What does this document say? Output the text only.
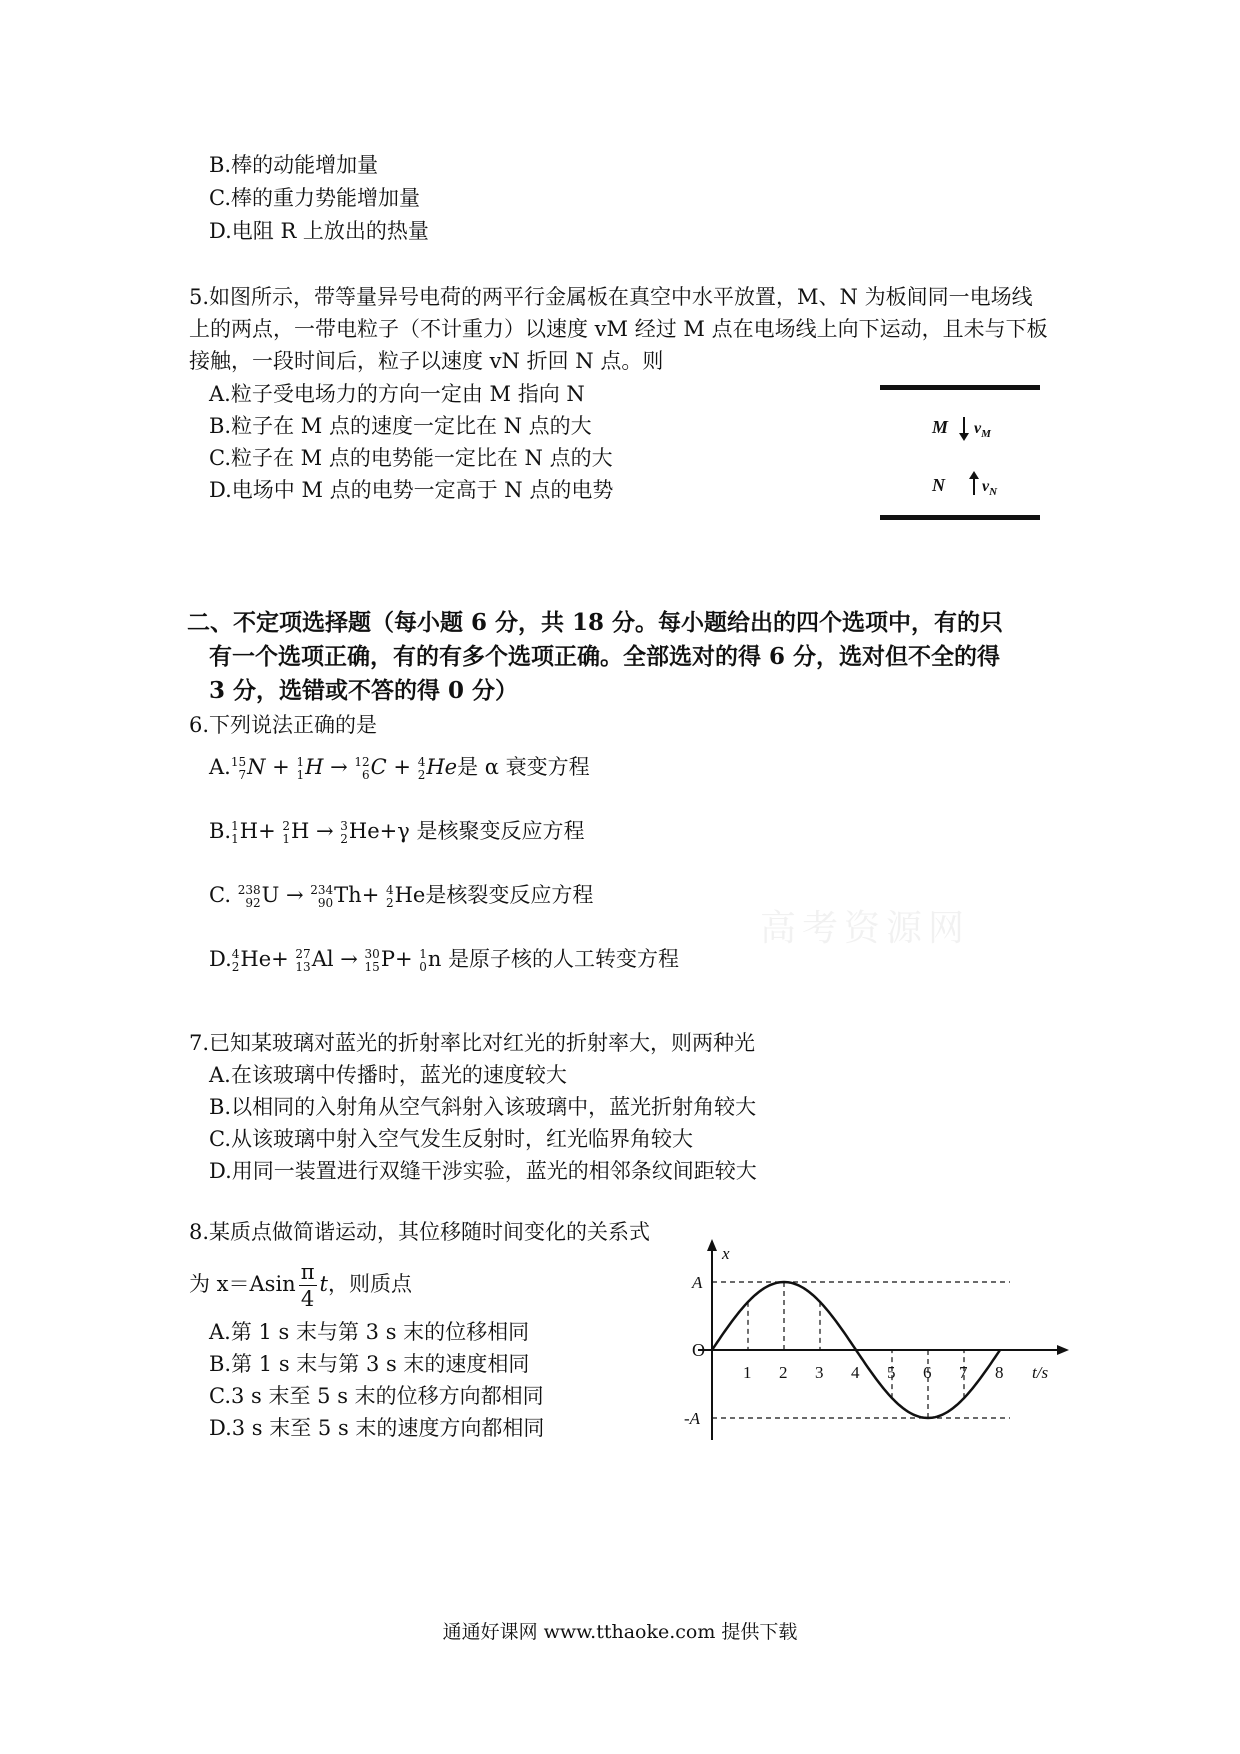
B.棒的动能增加量
C.棒的重力势能增加量
D.电阻 R 上放出的热量
5.如图所示，带等量异号电荷的两平行金属板在真空中水平放置，M、N 为板间同一电场线
上的两点，一带电粒子（不计重力）以速度 vM 经过 M 点在电场线上向下运动，且未与下板
接触，一段时间后，粒子以速度 vN 折回 N 点。则
A.粒子受电场力的方向一定由 M 指向 N
B.粒子在 M 点的速度一定比在 N 点的大
C.粒子在 M 点的电势能一定比在 N 点的大
D.电场中 M 点的电势一定高于 N 点的电势
M $v_M$
N $v_N$
二、不定项选择题（每小题 6 分，共 18 分。每小题给出的四个选项中，有的只
有一个选项正确，有的有多个选项正确。全部选对的得 6 分，选对但不全的得
3 分，选错或不答的得 0 分）
6.下列说法正确的是
A. 15
7 N + 1
1 H → 12
6 C + 4
2 He是 α 衰变方程
B. 1
1 H+ 2
1 H → 3
2 He+γ 是核聚变反应方程
C. 238
92 U → 234
90 Th+ 4
2 He是核裂变反应方程
D. 4
2 He+ 27
13 Al → 30
15 P+ 1
0 n 是原子核的人工转变方程
高考资源网
7.已知某玻璃对蓝光的折射率比对红光的折射率大，则两种光
A.在该玻璃中传播时，蓝光的速度较大
B.以相同的入射角从空气斜射入该玻璃中，蓝光折射角较大
C.从该玻璃中射入空气发生反射时，红光临界角较大
D.用同一装置进行双缝干涉实验，蓝光的相邻条纹间距较大
8.某质点做简谐运动，其位移随时间变化的关系式
为 $x=Asin \frac{\pi}{4}$ t，则质点
A.第 1 s 末与第 3 s 末的位移相同
B.第 1 s 末与第 3 s 末的速度相同
C.3 s 末至 5 s 末的位移方向都相同
D.3 s 末至 5 s 末的速度方向都相同
x
t/s
O
A
-A
1 2 3 4 5 6 7 8
通通好课网 www.tthaoke.com 提供下载
